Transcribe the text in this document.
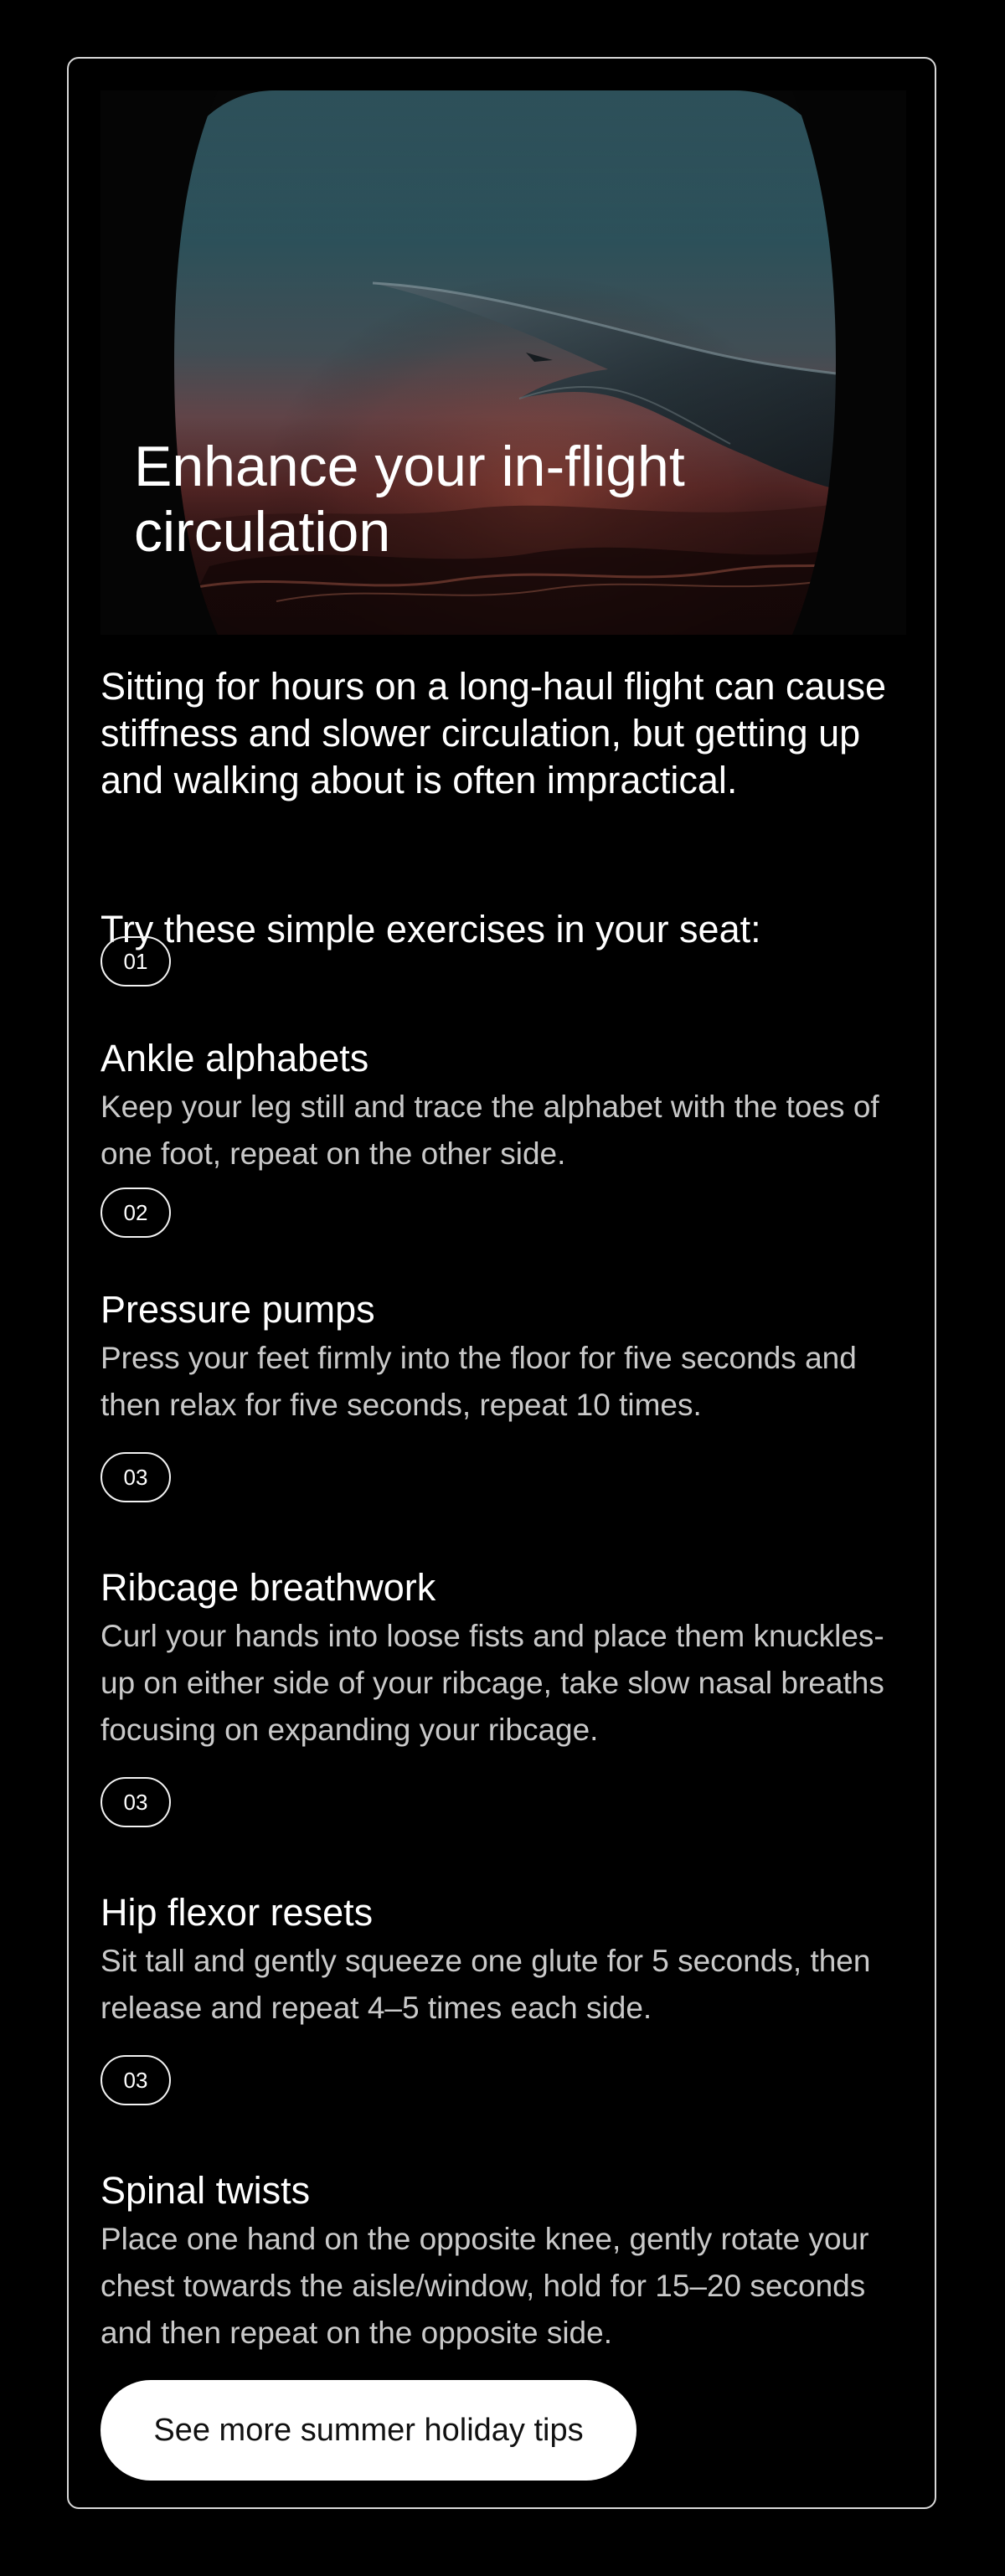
Enhance your in-flight circulation

Sitting for hours on a long-haul flight can cause stiffness and slower circulation, but getting up and walking about is often impractical.

Try these simple exercises in your seat:

01
Ankle alphabets

Keep your leg still and trace the alphabet with the toes of one foot, repeat on the other side.

02
Pressure pumps

Press your feet firmly into the floor for five seconds and then relax for five seconds, repeat 10 times.

03
Ribcage breathwork

Curl your hands into loose fists and place them knuckles-up on either side of your ribcage, take slow nasal breaths focusing on expanding your ribcage.

03
Hip flexor resets

Sit tall and gently squeeze one glute for 5 seconds, then release and repeat 4–5 times each side.

03
Spinal twists

Place one hand on the opposite knee, gently rotate your chest towards the aisle/window, hold for 15–20 seconds and then repeat on the opposite side.

See more summer holiday tips
